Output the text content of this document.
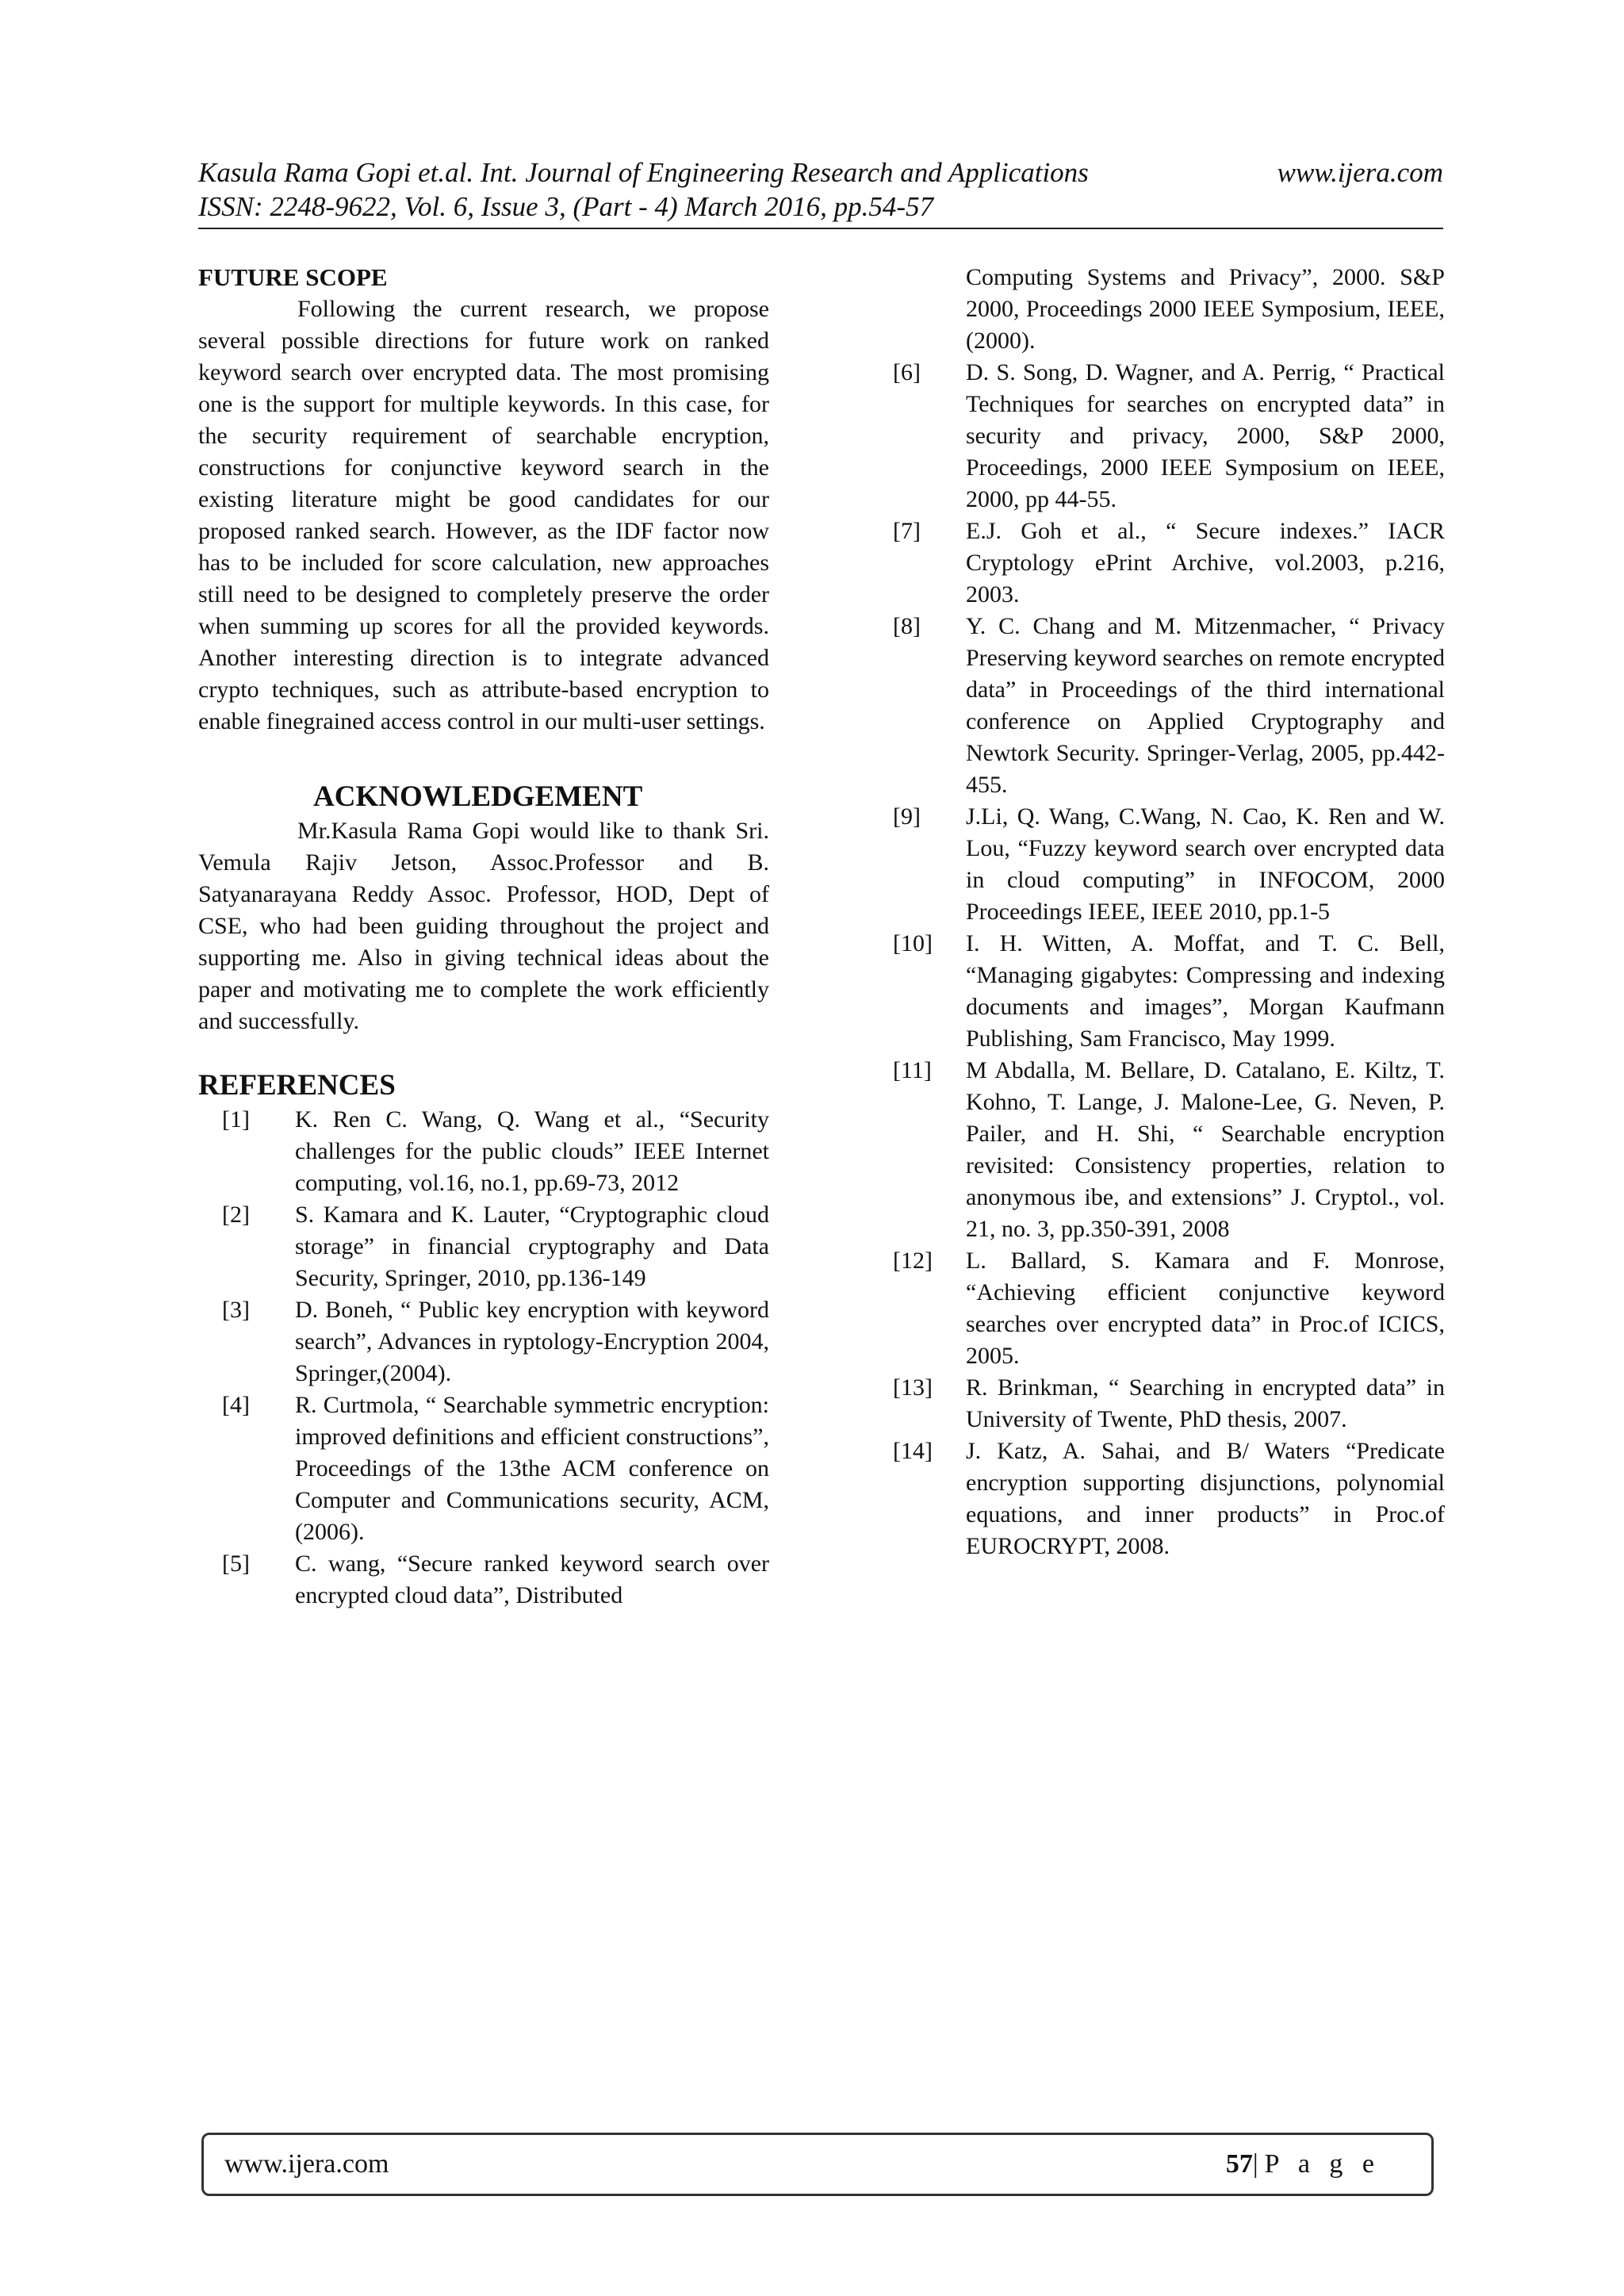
Kasula Rama Gopi et.al. Int. Journal of Engineering Research and Applications	www.ijera.com
ISSN: 2248-9622, Vol. 6, Issue 3, (Part - 4) March 2016, pp.54-57
FUTURE SCOPE

Following the current research, we propose several possible directions for future work on ranked keyword search over encrypted data. The most promising one is the support for multiple keywords. In this case, for the security requirement of searchable encryption, constructions for conjunctive keyword search in the existing literature might be good candidates for our proposed ranked search. However, as the IDF factor now has to be included for score calculation, new approaches still need to be designed to completely preserve the order when summing up scores for all the provided keywords. Another interesting direction is to integrate advanced crypto techniques, such as attribute-based encryption to enable finegrained access control in our multi-user settings.

ACKNOWLEDGEMENT

Mr.Kasula Rama Gopi would like to thank Sri. Vemula Rajiv Jetson, Assoc.Professor and B. Satyanarayana Reddy Assoc. Professor, HOD, Dept of CSE, who had been guiding throughout the project and supporting me. Also in giving technical ideas about the paper and motivating me to complete the work efficiently and successfully.

REFERENCES
[1]	K. Ren C. Wang, Q. Wang et al., “Security challenges for the public clouds” IEEE Internet computing, vol.16, no.1, pp.69-73, 2012
[2]	S. Kamara and K. Lauter, “Cryptographic cloud storage” in financial cryptography and Data Security, Springer, 2010, pp.136-149
[3]	D. Boneh, “ Public key encryption with keyword search”, Advances in ryptology-Encryption 2004, Springer,(2004).
[4]	R. Curtmola, “ Searchable symmetric encryption: improved definitions and efficient constructions”, Proceedings of the 13the ACM conference on Computer and Communications security, ACM, (2006).
[5]	C. wang, “Secure ranked keyword search over encrypted cloud data”, Distributed

Computing Systems and Privacy”, 2000. S&P 2000, Proceedings 2000 IEEE Symposium, IEEE, (2000).

[6]	D. S. Song, D. Wagner, and A. Perrig, “ Practical Techniques for searches on encrypted data” in security and privacy, 2000, S&P 2000, Proceedings, 2000 IEEE Symposium on IEEE, 2000, pp 44-55.
[7]	E.J. Goh et al., “ Secure indexes.” IACR Cryptology ePrint Archive, vol.2003, p.216, 2003.
[8]	Y. C. Chang and M. Mitzenmacher, “ Privacy Preserving keyword searches on remote encrypted data” in Proceedings of the third international conference on Applied Cryptography and Newtork Security. Springer-Verlag, 2005, pp.442-455.
[9]	J.Li, Q. Wang, C.Wang, N. Cao, K. Ren and W. Lou, “Fuzzy keyword search over encrypted data in cloud computing” in INFOCOM, 2000 Proceedings IEEE, IEEE 2010, pp.1-5
[10]	I. H. Witten, A. Moffat, and T. C. Bell, “Managing gigabytes: Compressing and indexing documents and images”, Morgan Kaufmann Publishing, Sam Francisco, May 1999.
[11]	M Abdalla, M. Bellare, D. Catalano, E. Kiltz, T. Kohno, T. Lange, J. Malone-Lee, G. Neven, P. Pailer, and H. Shi, “ Searchable encryption revisited: Consistency properties, relation to anonymous ibe, and extensions” J. Cryptol., vol. 21, no. 3, pp.350-391, 2008
[12]	L. Ballard, S. Kamara and F. Monrose, “Achieving efficient conjunctive keyword searches over encrypted data” in Proc.of ICICS, 2005.
[13]	R. Brinkman, “ Searching in encrypted data” in University of Twente, PhD thesis, 2007.
[14]	J. Katz, A. Sahai, and B/ Waters “Predicate encryption supporting disjunctions, polynomial equations, and inner products” in Proc.of EUROCRYPT, 2008.
www.ijera.com	57|P a g e
